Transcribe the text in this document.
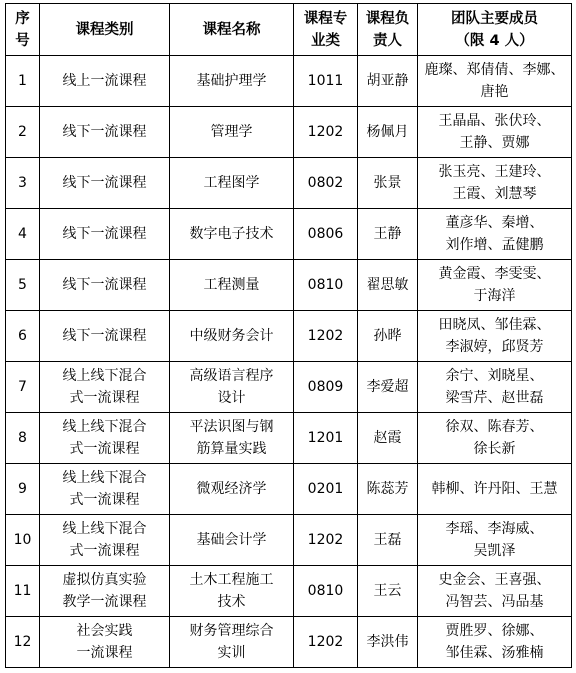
序
号	课程类别	课程名称	课程专
业类	课程负
责人	团队主要成员
（限 4 人）
1	线上一流课程	基础护理学	1011	胡亚静	鹿璨、郑倩倩、李娜、
唐艳
2	线下一流课程	管理学	1202	杨佩月	王晶晶、张伏玲、
王静、贾娜
3	线下一流课程	工程图学	0802	张景	张玉亮、王建玲、
王霞、刘慧琴
4	线下一流课程	数字电子技术	0806	王静	董彦华、秦增、
刘作增、孟健鹏
5	线下一流课程	工程测量	0810	翟思敏	黄金霞、李雯雯、
于海洋
6	线下一流课程	中级财务会计	1202	孙晔	田晓凤、邹佳霖、
李淑婷，邱贤芳
7	线上线下混合
式一流课程	高级语言程序
设计	0809	李爱超	余宁、刘晓星、
梁雪芹、赵世磊
8	线上线下混合
式一流课程	平法识图与钢
筋算量实践	1201	赵霞	徐双、陈春芳、
徐长新
9	线上线下混合
式一流课程	微观经济学	0201	陈蕊芳	韩柳、许丹阳、王慧
10	线上线下混合
式一流课程	基础会计学	1202	王磊	李瑶、李海威、
吴凯泽
11	虚拟仿真实验
教学一流课程	土木工程施工
技术	0810	王云	史金会、王喜强、
冯智芸、冯品基
12	社会实践
一流课程	财务管理综合
实训	1202	李洪伟	贾胜罗、徐娜、
邹佳霖、汤雅楠
